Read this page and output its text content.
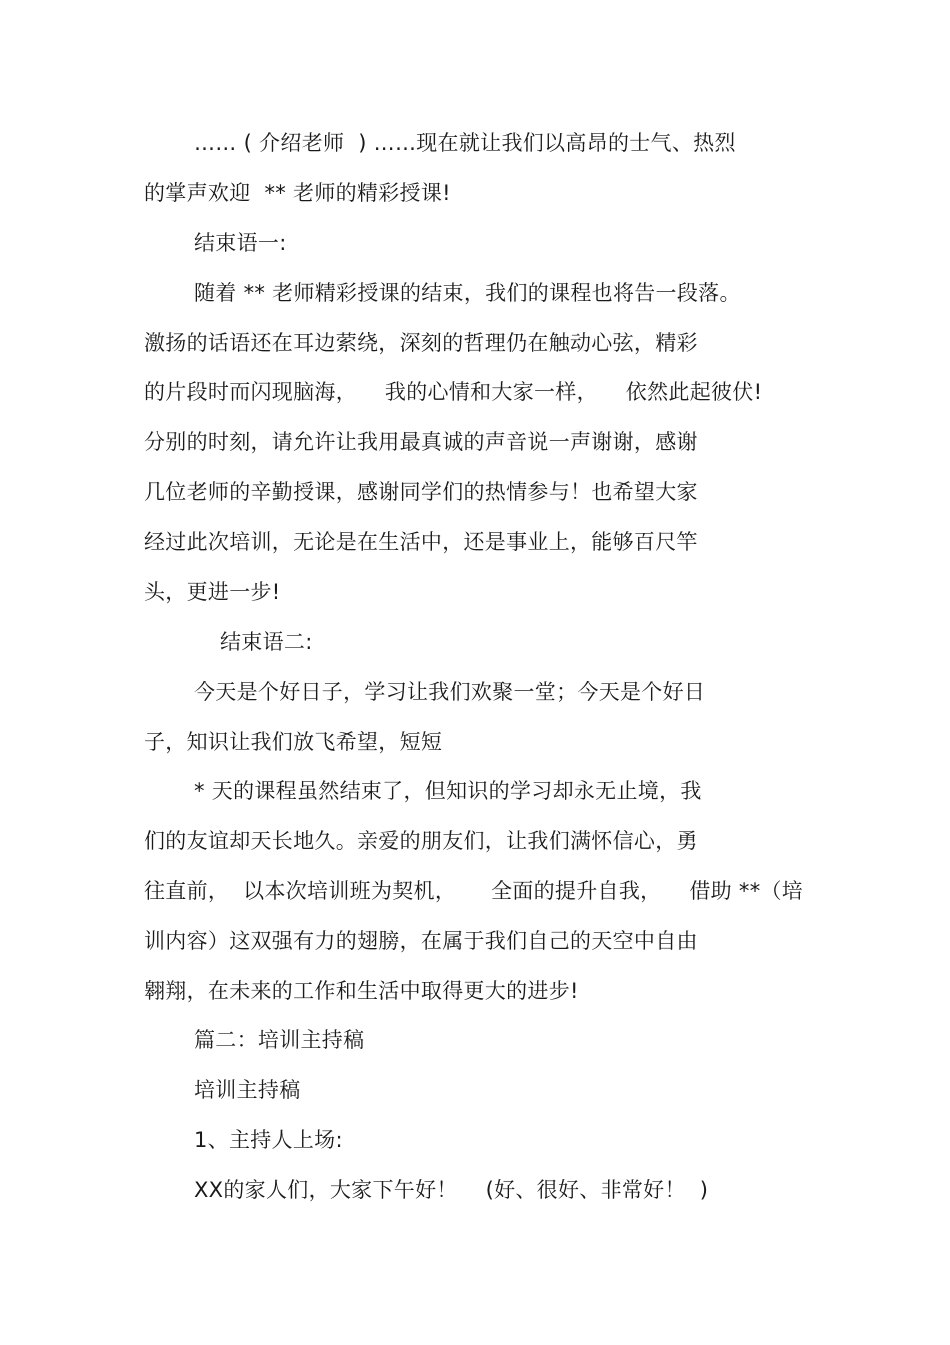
…… ( 介绍老师  ) ……现在就让我们以高昂的士气、热烈
的掌声欢迎  ** 老师的精彩授课!
结束语一:
随着 ** 老师精彩授课的结束，我们的课程也将告一段落。
激扬的话语还在耳边萦绕，深刻的哲理仍在触动心弦，精彩
的片段时而闪现脑海，    我的心情和大家一样，    依然此起彼伏!
分别的时刻，请允许让我用最真诚的声音说一声谢谢，感谢
几位老师的辛勤授课，感谢同学们的热情参与！也希望大家
经过此次培训，无论是在生活中，还是事业上，能够百尺竿
头，更进一步!
结束语二:
今天是个好日子，学习让我们欢聚一堂；今天是个好日
子，知识让我们放飞希望，短短
* 天的课程虽然结束了，但知识的学习却永无止境，我
们的友谊却天长地久。亲爱的朋友们，让我们满怀信心，勇
往直前，  以本次培训班为契机，     全面的提升自我，    借助 **（培
训内容）这双强有力的翅膀，在属于我们自己的天空中自由
翱翔，在未来的工作和生活中取得更大的进步!
篇二：培训主持稿
培训主持稿
1、主持人上场:
XX的家人们，大家下午好！    (好、很好、非常好！  )
